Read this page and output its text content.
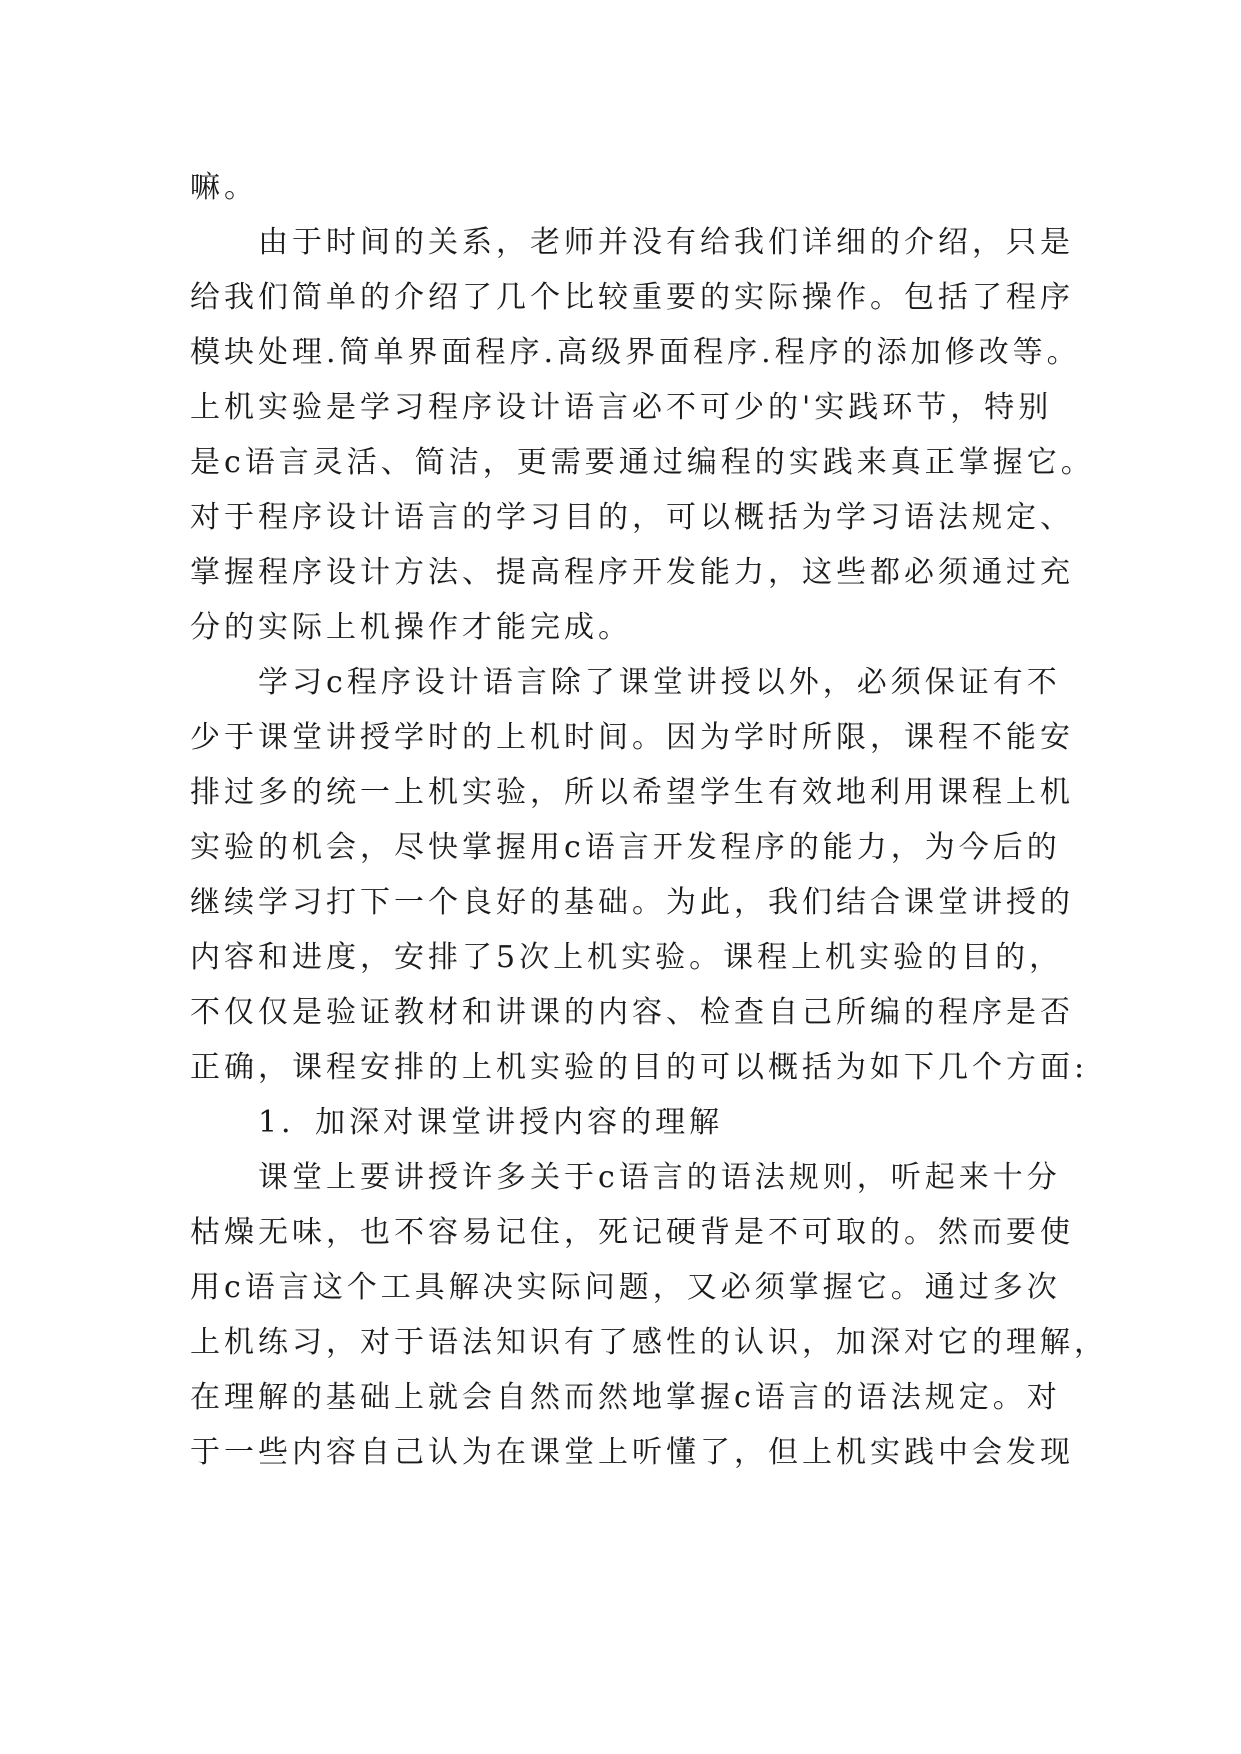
嘛。
　　由于时间的关系，老师并没有给我们详细的介绍，只是
给我们简单的介绍了几个比较重要的实际操作。包括了程序
模块处理.简单界面程序.高级界面程序.程序的添加修改等。
上机实验是学习程序设计语言必不可少的'实践环节，特别
是c语言灵活、简洁，更需要通过编程的实践来真正掌握它。
对于程序设计语言的学习目的，可以概括为学习语法规定、
掌握程序设计方法、提高程序开发能力，这些都必须通过充
分的实际上机操作才能完成。
　　学习c程序设计语言除了课堂讲授以外，必须保证有不
少于课堂讲授学时的上机时间。因为学时所限，课程不能安
排过多的统一上机实验，所以希望学生有效地利用课程上机
实验的机会，尽快掌握用c语言开发程序的能力，为今后的
继续学习打下一个良好的基础。为此，我们结合课堂讲授的
内容和进度，安排了5次上机实验。课程上机实验的目的，
不仅仅是验证教材和讲课的内容、检查自己所编的程序是否
正确，课程安排的上机实验的目的可以概括为如下几个方面:
　　1．加深对课堂讲授内容的理解
　　课堂上要讲授许多关于c语言的语法规则，听起来十分
枯燥无味，也不容易记住，死记硬背是不可取的。然而要使
用c语言这个工具解决实际问题，又必须掌握它。通过多次
上机练习，对于语法知识有了感性的认识，加深对它的理解，
在理解的基础上就会自然而然地掌握c语言的语法规定。对
于一些内容自己认为在课堂上听懂了，但上机实践中会发现
